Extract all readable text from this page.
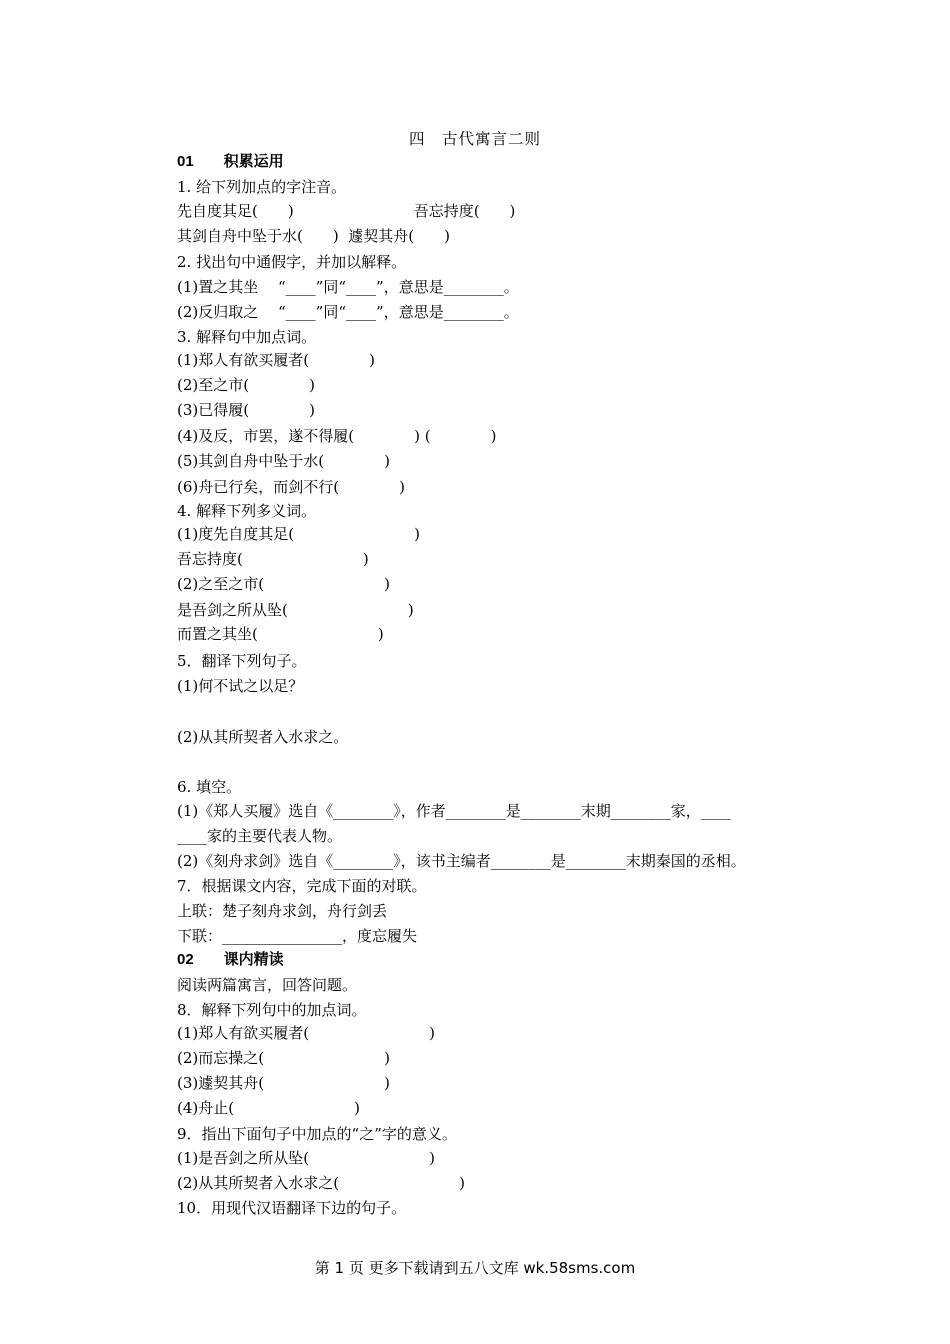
四　古代寓言二则
01　　积累运用
1. 给下列加点的字注音。
先自度其足(　　)　　　　　　　　吾忘持度(　　)
其剑自舟中坠于水(　　)  遽契其舟(　　)
2. 找出句中通假字，并加以解释。
(1)置之其坐　 “____”同“____”，意思是________。
(2)反归取之　 “____”同“____”，意思是________。
3. 解释句中加点词。
(1)郑人有欲买履者(　　　　)
(2)至之市(　　　　)
(3)已得履(　　　　)
(4)及反，市罢，遂不得履(　　　　) (　　　　)
(5)其剑自舟中坠于水(　　　　)
(6)舟已行矣，而剑不行(　　　　)
4. 解释下列多义词。
(1)度先自度其足(　　　　　　　　)
吾忘持度(　　　　　　　　)
(2)之至之市(　　　　　　　　)
是吾剑之所从坠(　　　　　　　　)
而置之其坐(　　　　　　　　)
5．翻译下列句子。
(1)何不试之以足？
(2)从其所契者入水求之。
6. 填空。
(1)《郑人买履》选自《________》，作者________是________末期________家，____
____家的主要代表人物。
(2)《刻舟求剑》选自《________》，该书主编者________是________末期秦国的丞相。
7．根据课文内容，完成下面的对联。
上联：楚子刻舟求剑，舟行剑丢
下联：________________，度忘履失
02　　课内精读
阅读两篇寓言，回答问题。
8．解释下列句中的加点词。
(1)郑人有欲买履者(　　　　　　　　)
(2)而忘操之(　　　　　　　　)
(3)遽契其舟(　　　　　　　　)
(4)舟止(　　　　　　　　)
9．指出下面句子中加点的“之”字的意义。
(1)是吾剑之所从坠(　　　　　　　　)
(2)从其所契者入水求之(　　　　　　　　)
10．用现代汉语翻译下边的句子。
第 1 页 更多下载请到五八文库 wk.58sms.com
